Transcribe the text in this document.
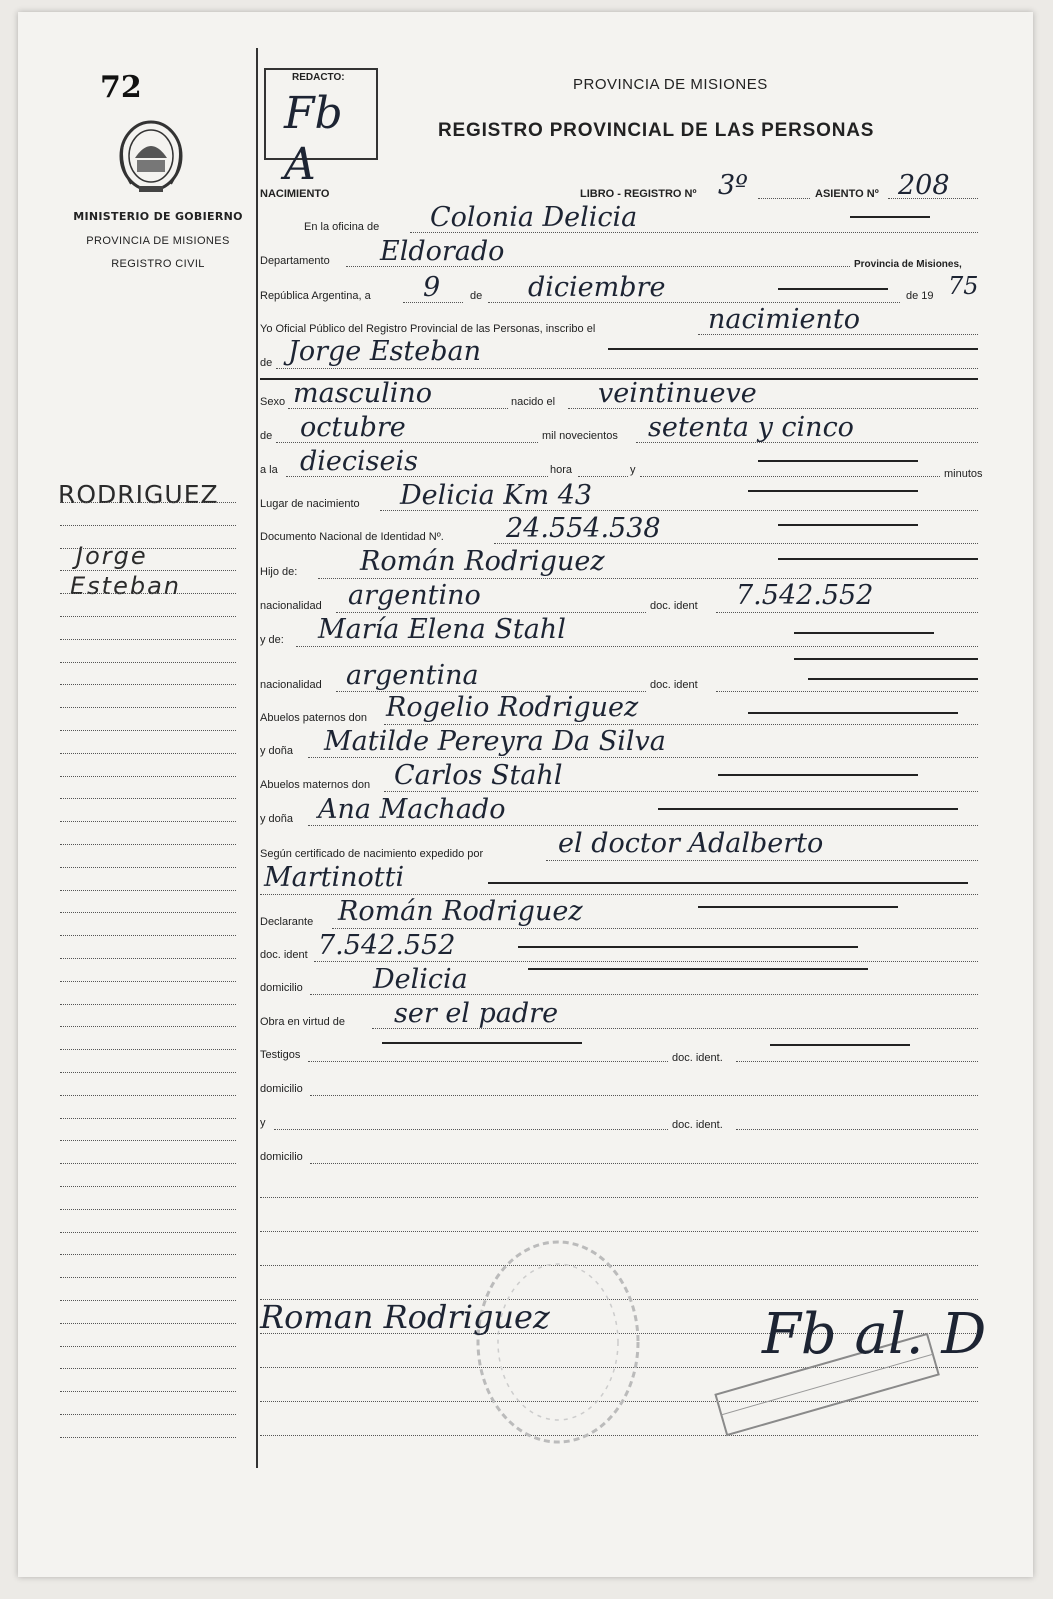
72
MINISTERIO DE GOBIERNO
PROVINCIA DE MISIONES
REGISTRO CIVIL
RODRIGUEZ
Jorge
Esteban
REDACTO:
Fb A
PROVINCIA DE MISIONES
REGISTRO PROVINCIAL DE LAS PERSONAS
NACIMIENTO	LIBRO - REGISTRO Nº 3º	ASIENTO Nº 208
En la oficina de Colonia Delicia
Departamento Eldorado	Provincia de Misiones,
República Argentina, a 9	de diciembre	de 19 75
Yo Oficial Público del Registro Provincial de las Personas, inscribo el	nacimiento
de Jorge Esteban
Sexo masculino	nacido el veintinueve
de octubre	mil novecientos setenta y cinco
a la dieciseis	hora	y	minutos
Lugar de nacimiento Delicia Km 43
Documento Nacional de Identidad Nº. 24.554.538
Hijo de: Román Rodriguez
nacionalidad argentino	doc. ident 7.542.552
y de: María Elena Stahl
nacionalidad argentina	doc. ident
Abuelos paternos don Rogelio Rodriguez
y doña Matilde Pereyra Da Silva
Abuelos maternos don Carlos Stahl
y doña Ana Machado
Según certificado de nacimiento expedido por	el doctor Adalberto
Martinotti
Declarante Román Rodriguez
doc. ident 7.542.552
domicilio	Delicia
Obra en virtud de ser el padre
Testigos	doc. ident.
domicilio
y	doc. ident.
domicilio
Roman Rodriguez	Fb al. D
